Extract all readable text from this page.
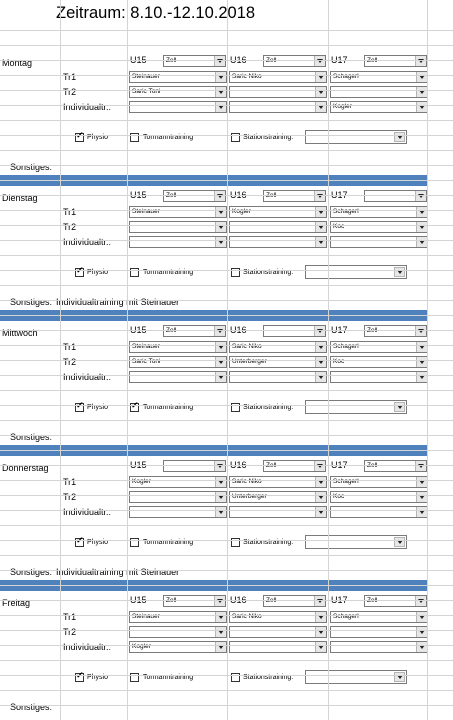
Zeitraum: 8.10.-12.10.2018
Montag	U15	Zell	U16	Zell	U17	Zell
Tr1	Steinauer	Saric Niko	Schagerl
Tr2	Saric Toni
Individualtr.:	Kogler
✔
Physio	Tormanntraining	Stationstraining:
Sonstiges:
Dienstag	U15	Zell	U16	Zell	U17
Tr1	Steinauer	Kogler	Schagerl
Tr2	Koc
Individualtr.:
✔
Physio	Tormanntraining	Stationstraining:
Sonstiges: Individualtraining mit Steinauer
Mittwoch	U15	Zell	U16	U17	Zell
Tr1	Steinauer	Saric Niko	Schagerl
Tr2	Saric Toni	Unterberger	Koc
Individualtr.:
✔
Physio
✔	Tormanntraining	Stationstraining:
Sonstiges:
Donnerstag	U15	U16	Zell	U17	Zell
Tr1	Kogler	Saric Niko	Schagerl
Tr2	Unterberger	Koc
Individualtr.:
✔
Physio	Tormanntraining	Stationstraining:
Sonstiges: Individualtraining mit Steinauer
Freitag	U15	Zell	U16	Zell	U17	Zell
Tr1	Steinauer	Saric Niko	Schagerl
Tr2
Individualtr.:	Kogler
✔
Physio	Tormanntraining	Stationstraining:
Sonstiges:
